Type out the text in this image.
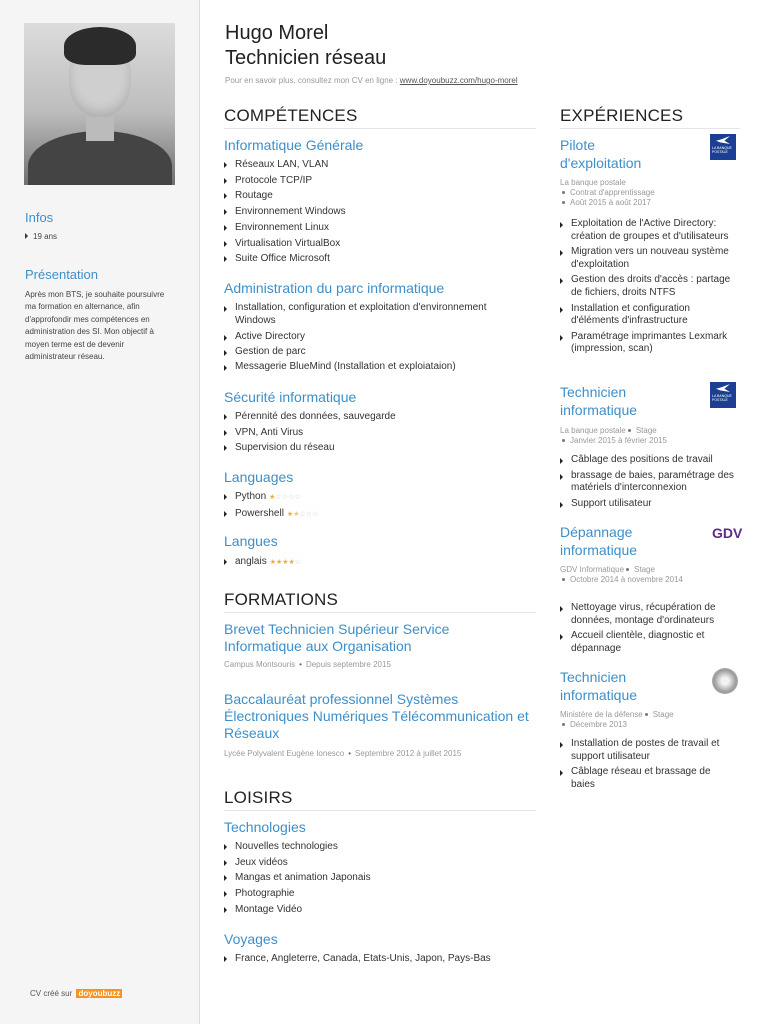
Infos
19 ans
Présentation
Après mon BTS, je souhaite poursuivre ma formation en alternance, afin d'approfondir mes compétences en administration des SI. Mon objectif à moyen terme est de devenir administrateur réseau.
CV créé sur doyoubuzz
Hugo Morel
Technicien réseau
Pour en savoir plus, consultez mon CV en ligne : www.doyoubuzz.com/hugo-morel
COMPÉTENCES
Informatique Générale
Réseaux LAN, VLAN
Protocole TCP/IP
Routage
Environnement Windows
Environnement Linux
Virtualisation VirtualBox
Suite Office Microsoft
Administration du parc informatique
Installation, configuration et exploitation d'environnement Windows
Active Directory
Gestion de parc
Messagerie BlueMind (Installation et exploiataion)
Sécurité informatique
Pérennité des données, sauvegarde
VPN, Anti Virus
Supervision du réseau
Languages
Python ★☆☆☆☆
Powershell ★★☆☆☆
Langues
anglais ★★★★☆
FORMATIONS
Brevet Technicien Supérieur Service Informatique aux Organisation
Campus Montsouris • Depuis septembre 2015
Baccalauréat professionnel Systèmes Électroniques Numériques Télécommunication et Réseaux
Lycée Polyvalent Eugène Ionesco • Septembre 2012 à juillet 2015
LOISIRS
Technologies
Nouvelles technologies
Jeux vidéos
Mangas et animation Japonais
Photographie
Montage Vidéo
Voyages
France, Angleterre, Canada, Etats-Unis, Japon, Pays-Bas
EXPÉRIENCES
Pilote d'exploitation
LA BANQUE POSTALE
La banque postale
Contrat d'apprentissage
Août 2015 à août 2017
Exploitation de l'Active Directory: création de groupes et d'utilisateurs
Migration vers un nouveau système d'exploitation
Gestion des droits d'accès : partage de fichiers, droits NTFS
Installation et configuration d'éléments d'infrastructure
Paramétrage imprimantes Lexmark (impression, scan)
Technicien informatique
LA BANQUE POSTALE
La banque postale Stage
Janvier 2015 à février 2015
Câblage des positions de travail
brassage de baies, paramétrage des matériels d'interconnexion
Support utilisateur
Dépannage informatique
GDV
GDV Informatique Stage
Octobre 2014 à novembre 2014
Nettoyage virus, récupération de données, montage d'ordinateurs
Accueil clientèle, diagnostic et dépannage
Technicien informatique
Ministère de la défense Stage
Décembre 2013
Installation de postes de travail et support utilisateur
Câblage réseau et brassage de baies
